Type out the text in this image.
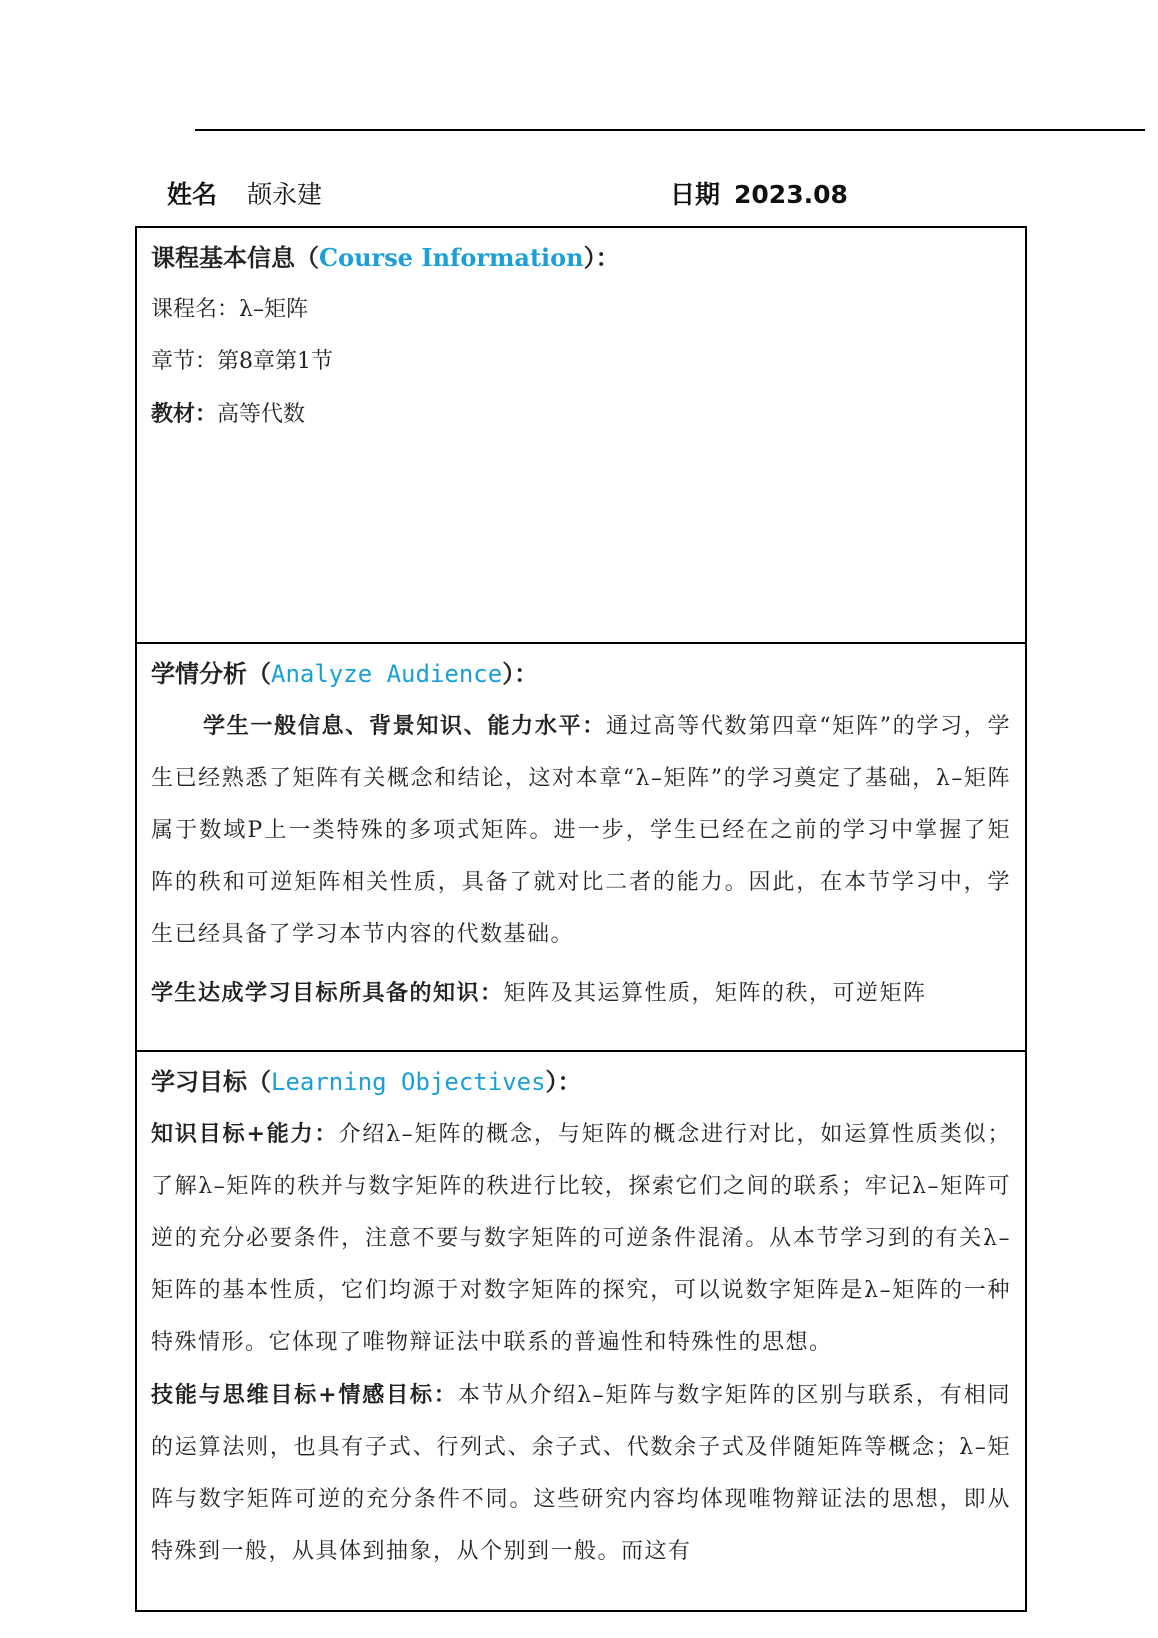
姓名 颉永建	日期 2023.08
课程基本信息（Course Information）：
课程名：λ–矩阵
章节：第8章第1节
教材：高等代数

学情分析（Analyze Audience）：
学生一般信息、背景知识、能力水平：通过高等代数第四章“矩阵”的学习，学生已经熟悉了矩阵有关概念和结论，这对本章“λ–矩阵”的学习奠定了基础，λ–矩阵属于数域P上一类特殊的多项式矩阵。进一步，学生已经在之前的学习中掌握了矩阵的秩和可逆矩阵相关性质，具备了就对比二者的能力。因此，在本节学习中，学生已经具备了学习本节内容的代数基础。
学生达成学习目标所具备的知识：矩阵及其运算性质，矩阵的秩，可逆矩阵

学习目标（Learning Objectives）：
知识目标+能力：介绍λ–矩阵的概念，与矩阵的概念进行对比，如运算性质类似；了解λ–矩阵的秩并与数字矩阵的秩进行比较，探索它们之间的联系；牢记λ–矩阵可逆的充分必要条件，注意不要与数字矩阵的可逆条件混淆。从本节学习到的有关λ–矩阵的基本性质，它们均源于对数字矩阵的探究，可以说数字矩阵是λ–矩阵的一种特殊情形。它体现了唯物辩证法中联系的普遍性和特殊性的思想。
技能与思维目标+情感目标：本节从介绍λ–矩阵与数字矩阵的区别与联系，有相同的运算法则，也具有子式、行列式、余子式、代数余子式及伴随矩阵等概念；λ–矩阵与数字矩阵可逆的充分条件不同。这些研究内容均体现唯物辩证法的思想，即从特殊到一般，从具体到抽象，从个别到一般。而这有
